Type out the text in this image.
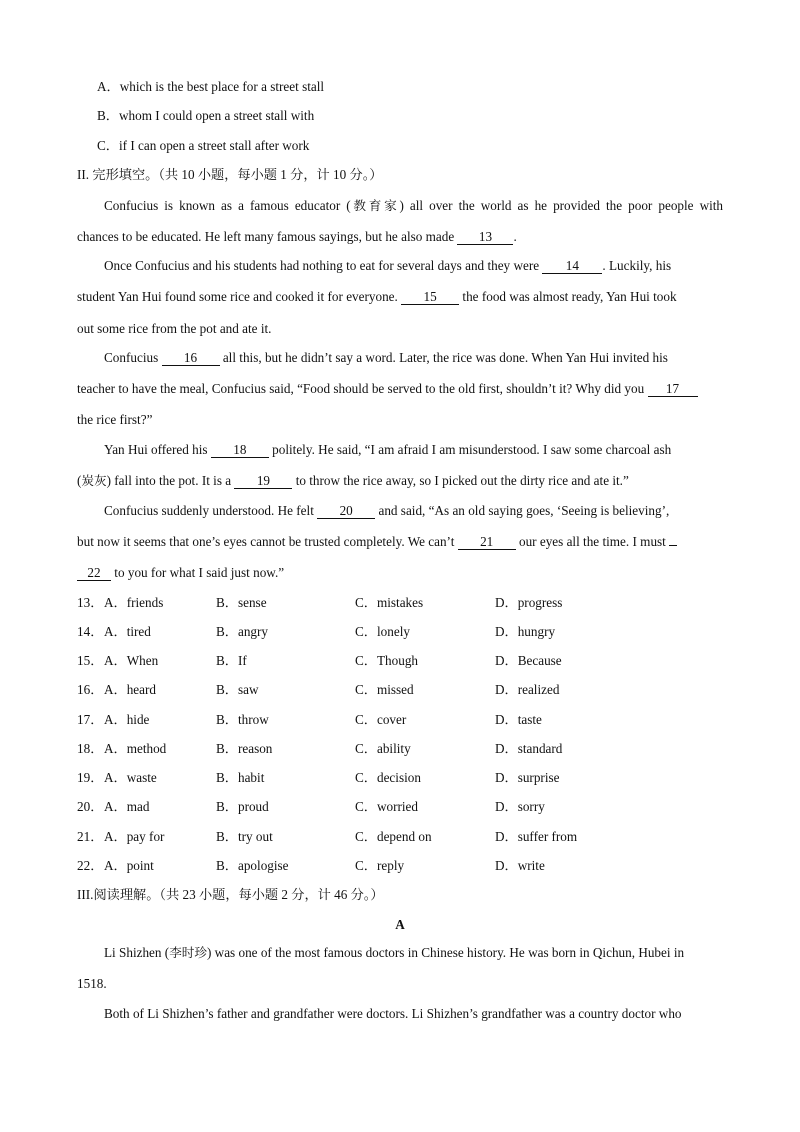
A．which is the best place for a street stall
B．whom I could open a street stall with
C．if I can open a street stall after work
II. 完形填空。（共 10 小题，每小题 1 分，计 10 分。）
Confucius is known as a famous educator (教育家) all over the world as he provided the poor people with
chances to be educated. He left many famous sayings, but he also made 13 .
Once Confucius and his students had nothing to eat for several days and they were 14 . Luckily, his
student Yan Hui found some rice and cooked it for everyone. 15 the food was almost ready, Yan Hui took
out some rice from the pot and ate it.
Confucius 16 all this, but he didn’t say a word. Later, the rice was done. When Yan Hui invited his
teacher to have the meal, Confucius said, “Food should be served to the old first, shouldn’t it? Why did you 17
the rice first?”
Yan Hui offered his 18 politely. He said, “I am afraid I am misunderstood. I saw some charcoal ash
(炭灰) fall into the pot. It is a 19 to throw the rice away, so I picked out the dirty rice and ate it.”
Confucius suddenly understood. He felt 20 and said, “As an old saying goes, ‘Seeing is believing’,
but now it seems that one’s eyes cannot be trusted completely. We can’t 21 our eyes all the time. I must
22 to you for what I said just now.”
13． A．friends	B．sense	C．mistakes	D．progress
14． A．tired	B．angry	C．lonely	D．hungry
15． A．When	B．If	C．Though	D．Because
16． A．heard	B．saw	C．missed	D．realized
17． A．hide	B．throw	C．cover	D．taste
18． A．method	B．reason	C．ability	D．standard
19． A．waste	B．habit	C．decision	D．surprise
20． A．mad	B．proud	C．worried	D．sorry
21． A．pay for	B．try out	C．depend on	D．suffer from
22． A．point	B．apologise	C．reply	D．write
III.阅读理解。（共 23 小题，每小题 2 分，计 46 分。）
A
Li Shizhen (李时珍) was one of the most famous doctors in Chinese history. He was born in Qichun, Hubei in
1518.
Both of Li Shizhen’s father and grandfather were doctors. Li Shizhen’s grandfather was a country doctor who
